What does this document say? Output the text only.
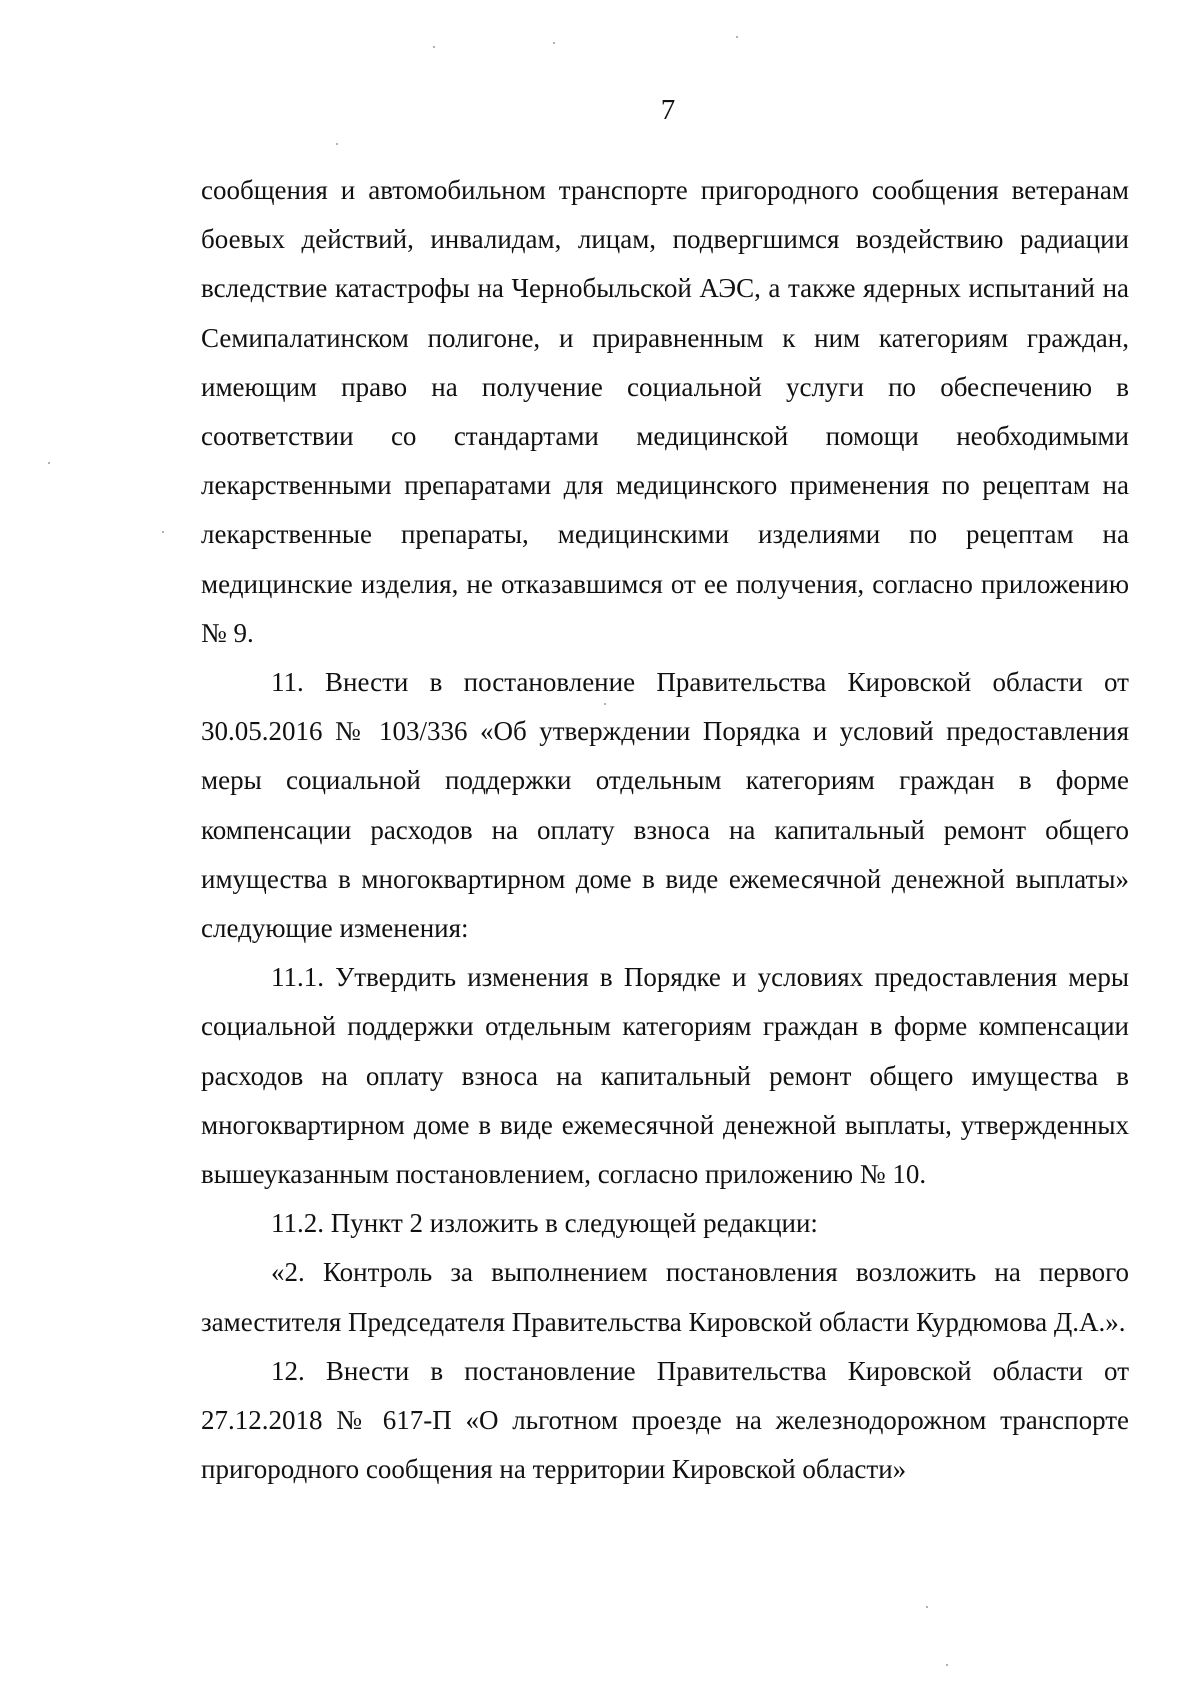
7

сообщения и автомобильном транспорте пригородного сообщения ветеранам боевых действий, инвалидам, лицам, подвергшимся воздействию радиации вследствие катастрофы на Чернобыльской АЭС, а также ядерных испытаний на Семипалатинском полигоне, и приравненным к ним категориям граждан, имеющим право на получение социальной услуги по обеспечению в соответствии со стандартами медицинской помощи необходимыми лекарственными препаратами для медицинского применения по рецептам на лекарственные препараты, медицинскими изделиями по рецептам на медицинские изделия, не отказавшимся от ее получения, согласно приложению № 9.

11. Внести в постановление Правительства Кировской области от 30.05.2016 № 103/336 «Об утверждении Порядка и условий предоставления меры социальной поддержки отдельным категориям граждан в форме компенсации расходов на оплату взноса на капитальный ремонт общего имущества в многоквартирном доме в виде ежемесячной денежной выплаты» следующие изменения:

11.1. Утвердить изменения в Порядке и условиях предоставления меры социальной поддержки отдельным категориям граждан в форме компенсации расходов на оплату взноса на капитальный ремонт общего имущества в многоквартирном доме в виде ежемесячной денежной выплаты, утвержденных вышеуказанным постановлением, согласно приложению № 10.

11.2. Пункт 2 изложить в следующей редакции:

«2. Контроль за выполнением постановления возложить на первого заместителя Председателя Правительства Кировской области Курдюмова Д.А.».

12. Внести в постановление Правительства Кировской области от 27.12.2018 № 617-П «О льготном проезде на железнодорожном транспорте пригородного сообщения на территории Кировской области»
